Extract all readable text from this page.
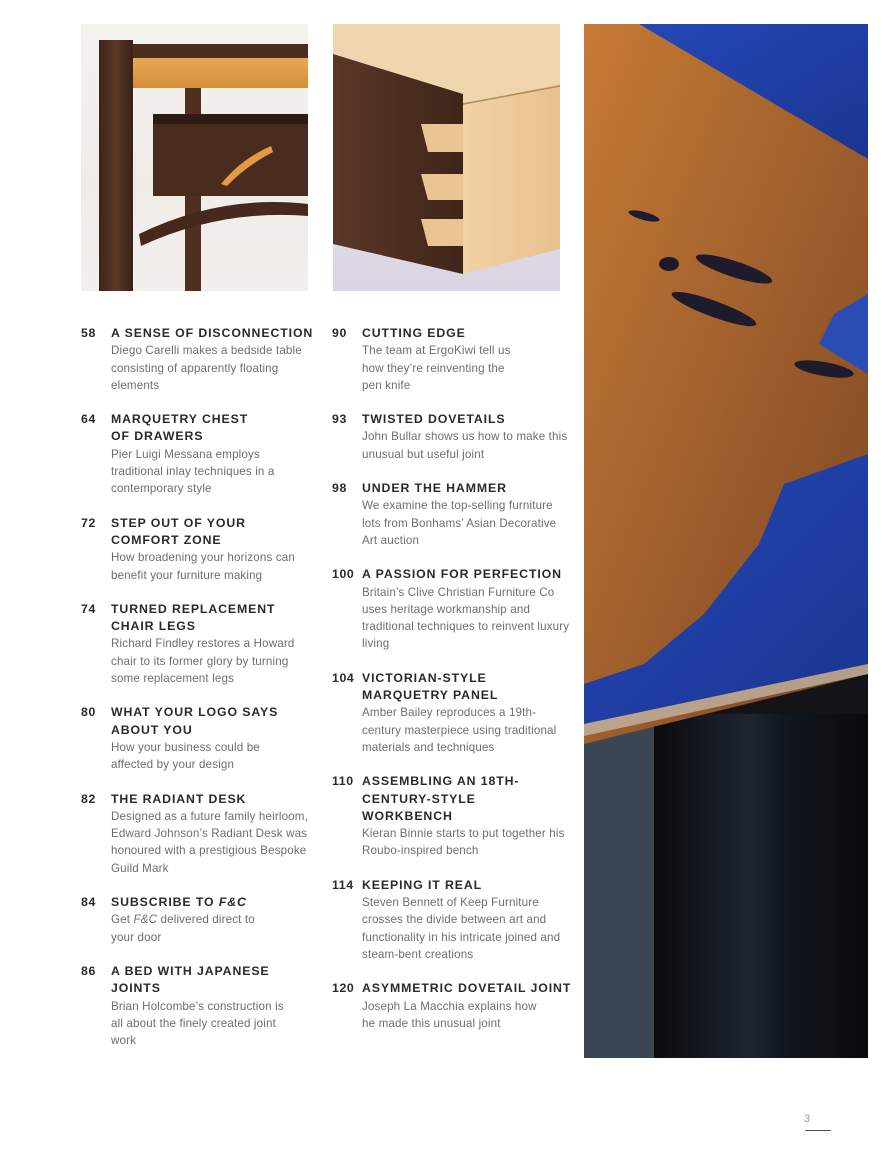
58	A SENSE OF DISCONNECTION
Diego Carelli makes a bedside table consisting of apparently floating elements
64	MARQUETRY CHEST OF DRAWERS
Pier Luigi Messana employs traditional inlay techniques in a contemporary style
72	STEP OUT OF YOUR COMFORT ZONE
How broadening your horizons can benefit your furniture making
74	TURNED REPLACEMENT CHAIR LEGS
Richard Findley restores a Howard chair to its former glory by turning some replacement legs
80	WHAT YOUR LOGO SAYS ABOUT YOU
How your business could be affected by your design
82	THE RADIANT DESK
Designed as a future family heirloom, Edward Johnson’s Radiant Desk was honoured with a prestigious Bespoke Guild Mark
84	SUBSCRIBE TO F&C
Get F&C delivered direct to your door
86	A BED WITH JAPANESE JOINTS
Brian Holcombe’s construction is all about the finely created joint work
90	CUTTING EDGE
The team at ErgoKiwi tell us how they’re reinventing the pen knife
93	TWISTED DOVETAILS
John Bullar shows us how to make this unusual but useful joint
98	UNDER THE HAMMER
We examine the top-selling furniture lots from Bonhams’ Asian Decorative Art auction
100 A PASSION FOR PERFECTION
Britain’s Clive Christian Furniture Co uses heritage workmanship and traditional techniques to reinvent luxury living
104 VICTORIAN-STYLE MARQUETRY PANEL
Amber Bailey reproduces a 19th-century masterpiece using traditional materials and techniques
110 ASSEMBLING AN 18TH-CENTURY-STYLE WORKBENCH
Kieran Binnie starts to put together his Roubo-inspired bench
114 KEEPING IT REAL
Steven Bennett of Keep Furniture crosses the divide between art and functionality in his intricate joined and steam-bent creations
120 ASYMMETRIC DOVETAIL JOINT
Joseph La Macchia explains how he made this unusual joint
3
